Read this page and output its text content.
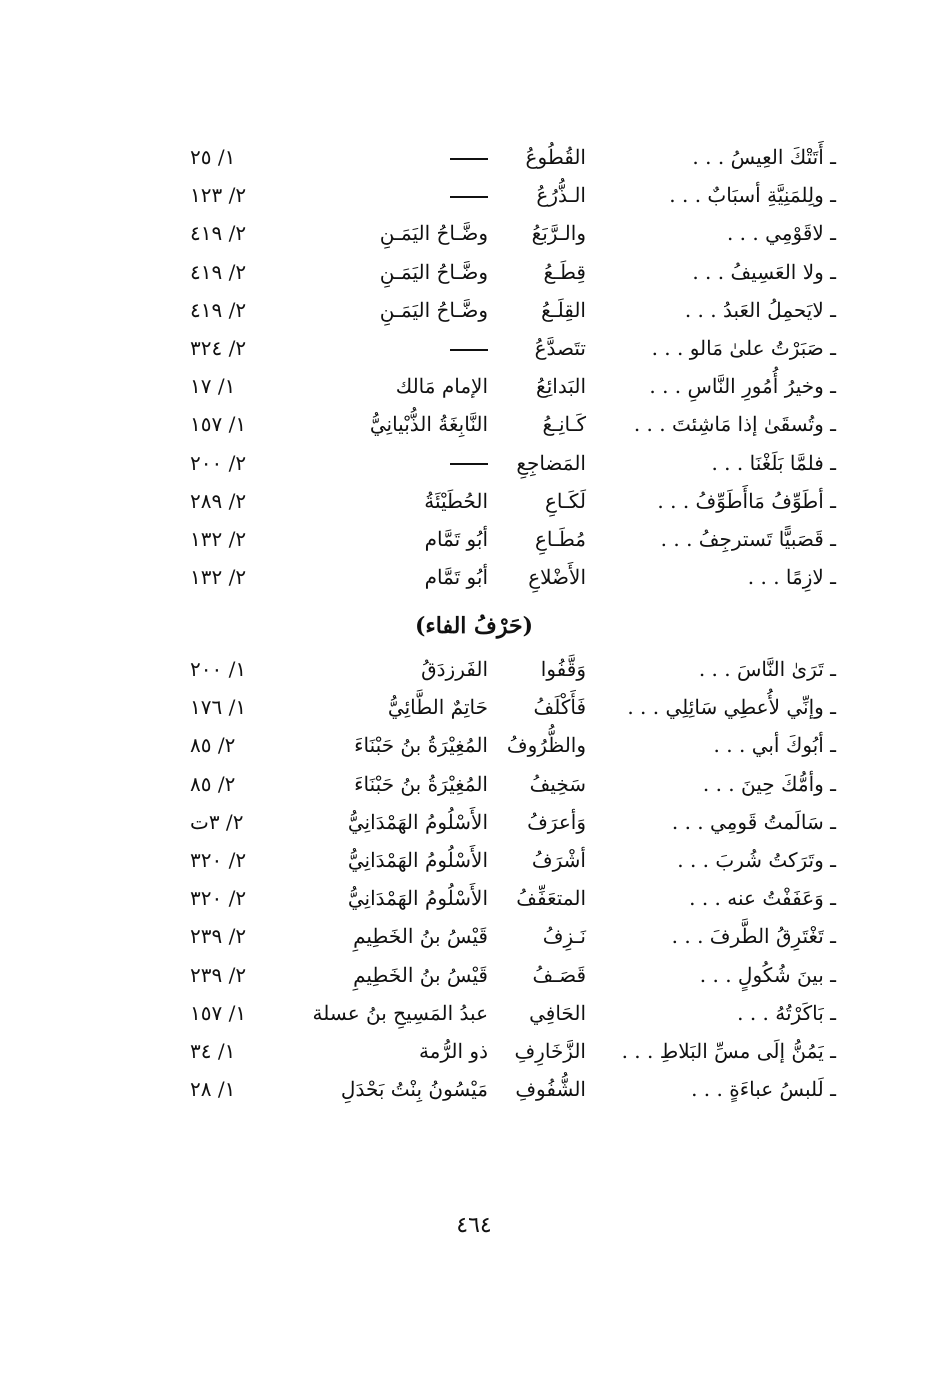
ـ أَتَتْكَ العِيسُ . . .
القُطُوعُ
١/ ٢٥
ـ ولِلمَنِيَّةِ أسبَابٌ . . .
الـذُّرُعُ
٢/ ١٢٣
ـ لاقَوْمِي . . .
والـرَّبَعُ
وضَّـاحُ اليَمَـنِ
٢/ ٤١٩
ـ ولا العَسِيفُ . . .
قِطَـعُ
وضَّـاحُ اليَمَـنِ
٢/ ٤١٩
ـ لايَحمِلُ العَبدُ . . .
القِلَـعُ
وضَّـاحُ اليَمَـنِ
٢/ ٤١٩
ـ صَبَرْتُ علىٰ مَالو . . .
تتَصدَّعُ
٢/ ٣٢٤
ـ وخيرُ أُمُورِ النَّاسِ . . .
البَدائِعُ
الإمام مَالك
١/ ١٧
ـ وتُسقَىٰ إذا مَاشِئتَ . . .
كَـانِـعُ
النَّابِغَةُ الذُّبْيانِيُّ
١/ ١٥٧
ـ فلمَّا بَلَغْنَا . . .
المَضاجِعِ
٢/ ٢٠٠
ـ أطَوِّفُ مَاأَطَوِّفُ . . .
لَكَـاعِ
الحُطَيْئَةُ
٢/ ٢٨٩
ـ قَصَبيًّا تَسترجِفُ . . .
مُطَـاعِ
أبُو تَمَّام
٢/ ١٣٢
ـ لازِمًا . . .
الأَضْلاعِ
أبُو تَمَّام
٢/ ١٣٢
(حَرْفُ الفاء)
ـ تَرَىٰ النَّاسَ . . .
وَقَّفُوا
الفَرزدَقُ
١/ ٢٠٠
ـ وإنِّي لأُعطِي سَائِلِي . . .
فَأَكْلَفُ
حَاتِمٌ الطَّائِيُّ
١/ ١٧٦
ـ أبُوكَ أبي . . .
والظُّرُوفُ
المُغِيْرَةُ بنُ حَبْنَاءَ
٢/ ٨٥
ـ وأمُّكَ حِينَ . . .
سَخِيفُ
المُغِيْرَةُ بنُ حَبْنَاءَ
٢/ ٨٥
ـ سَالَمتُ قَومِي . . .
وَأعرَفُ
الأَسْلُومُ الهَمْدَانِيُّ
٢/ ٣ت
ـ وتَرَكتُ شُربَ . . .
أشْرَفُ
الأَسْلُومُ الهَمْدَانِيُّ
٢/ ٣٢٠
ـ وَعَفَفْتُ عنه . . .
المتعَفِّفُ
الأَسْلُومُ الهَمْدَانِيُّ
٢/ ٣٢٠
ـ تَغْتَرِقُ الطَّرفَ . . .
نَـزِفُ
قَيْسُ بنُ الخَطِيمِ
٢/ ٢٣٩
ـ بينَ شُكُولٍ . . .
قَصَـفُ
قَيْسُ بنُ الخَطِيمِ
٢/ ٢٣٩
ـ بَاكَرْتُهُ . . .
الحَافِي
عبدُ المَسِيحِ بنُ عسلة
١/ ١٥٧
ـ يَمُنُّ إلَى مسِّ البَلاطِ . . .
الزَّخَارِفِ
ذو الرُّمة
١/ ٣٤
ـ لَلبسُ عباءَةٍ . . .
الشُّفُوفِ
مَيْسُونُ بِنْتُ بَحْدَلِ
١/ ٢٨
٤٦٤
